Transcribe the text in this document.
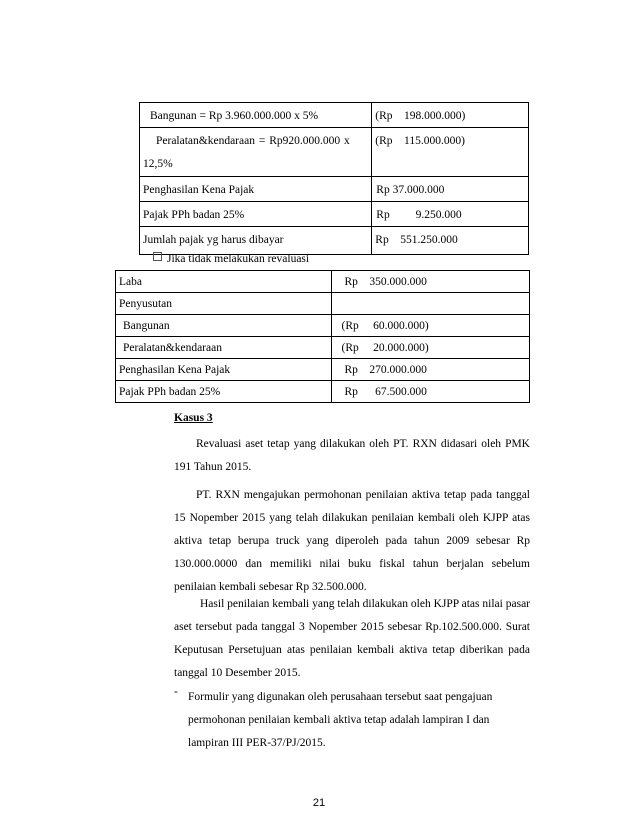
Bangunan = Rp 3.960.000.000 x 5%	(Rp    198.000.000)

Peralatan&kendaraan = Rp920.000.000 x
12,5%	(Rp    115.000.000)

Penghasilan Kena Pajak	Rp 37.000.000

Pajak PPh badan 25%	Rp         9.250.000

Jumlah pajak yg harus dibayar	Rp    551.250.000
Jika tidak melakukan revaluasi
Laba	Rp    350.000.000

Penyusutan	

Bangunan	(Rp     60.000.000)

Peralatan&kendaraan	(Rp     20.000.000)

Penghasilan Kena Pajak	Rp    270.000.000

Pajak PPh badan 25%	Rp      67.500.000
Kasus 3
Revaluasi aset tetap yang dilakukan oleh PT. RXN didasari oleh PMK 191 Tahun 2015.
PT. RXN mengajukan permohonan penilaian aktiva tetap pada tanggal 15 Nopember 2015 yang telah dilakukan penilaian kembali oleh KJPP atas aktiva tetap berupa truck yang diperoleh pada tahun 2009 sebesar Rp 130.000.0000 dan memiliki nilai buku fiskal tahun berjalan sebelum penilaian kembali sebesar Rp 32.500.000.
Hasil penilaian kembali yang telah dilakukan oleh KJPP atas nilai pasar aset tersebut pada tanggal 3 Nopember 2015 sebesar Rp.102.500.000. Surat Keputusan Persetujuan atas penilaian kembali aktiva tetap diberikan pada tanggal 10 Desember 2015.
- Formulir yang digunakan oleh perusahaan tersebut saat pengajuan permohonan penilaian kembali aktiva tetap adalah lampiran I dan lampiran III PER-37/PJ/2015.
21
